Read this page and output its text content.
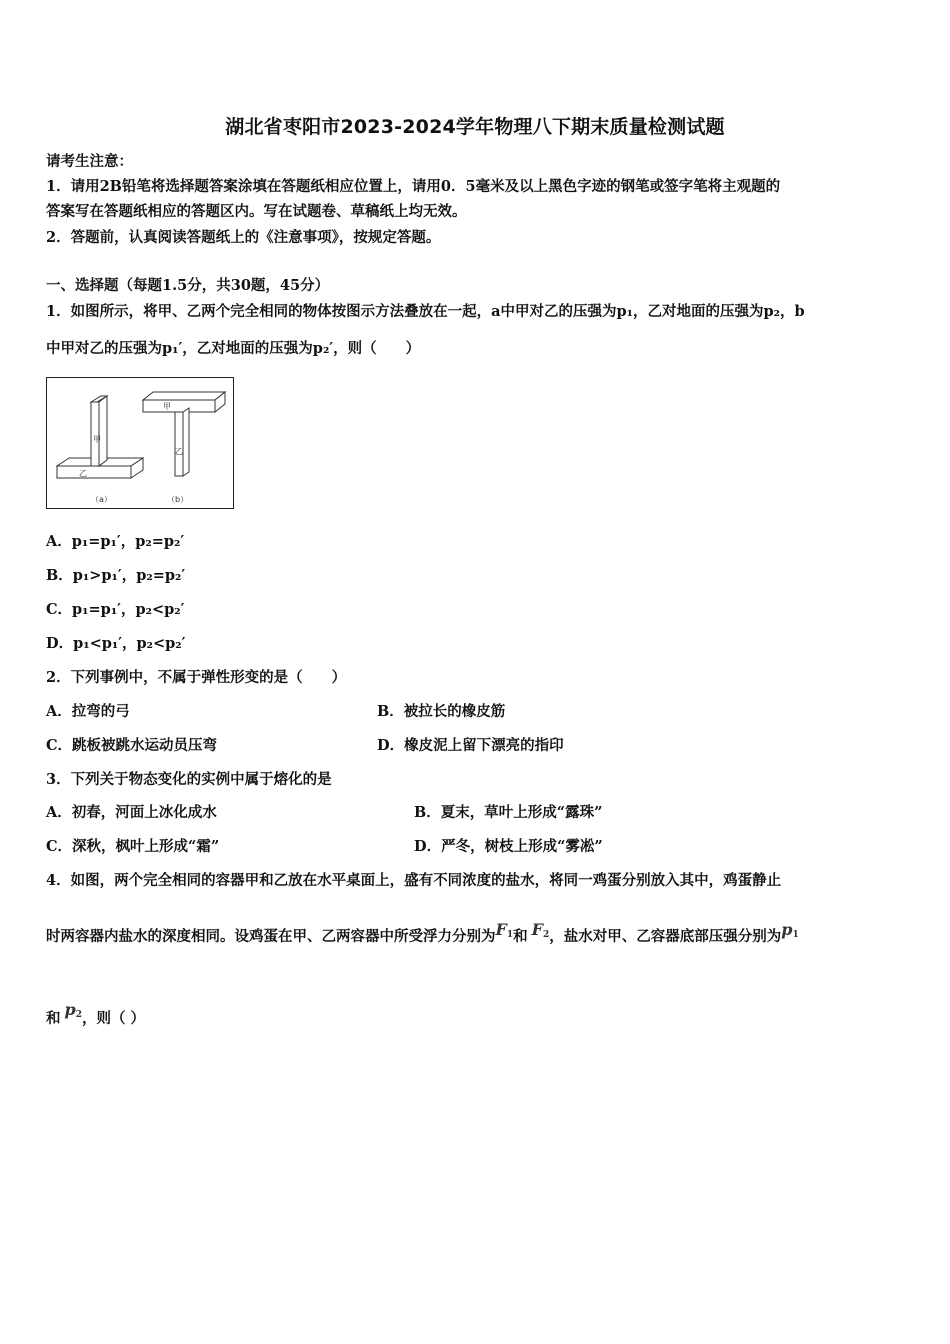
湖北省枣阳市2023-2024学年物理八下期末质量检测试题
请考生注意：
1．请用2B铅笔将选择题答案涂填在答题纸相应位置上，请用0．5毫米及以上黑色字迹的钢笔或签字笔将主观题的
答案写在答题纸相应的答题区内。写在试题卷、草稿纸上均无效。
2．答题前，认真阅读答题纸上的《注意事项》，按规定答题。
一、选择题（每题1.5分，共30题，45分）
1．如图所示，将甲、乙两个完全相同的物体按图示方法叠放在一起，a中甲对乙的压强为p₁，乙对地面的压强为p₂，b
中甲对乙的压强为p₁′，乙对地面的压强为p₂′，则（　　）
甲
乙
甲
乙
（a）	（b）
A．p₁=p₁′，p₂=p₂′
B．p₁>p₁′，p₂=p₂′
C．p₁=p₁′，p₂<p₂′
D．p₁<p₁′，p₂<p₂′
2．下列事例中，不属于弹性形变的是（　　）
A．拉弯的弓	B．被拉长的橡皮筋
C．跳板被跳水运动员压弯	D．橡皮泥上留下漂亮的指印
3．下列关于物态变化的实例中属于熔化的是
A．初春，河面上冰化成水	B．夏末，草叶上形成“露珠”
C．深秋，枫叶上形成“霜”	D．严冬，树枝上形成“雾凇”
4．如图，两个完全相同的容器甲和乙放在水平桌面上，盛有不同浓度的盐水，将同一鸡蛋分别放入其中，鸡蛋静止
时两容器内盐水的深度相同。设鸡蛋在甲、乙两容器中所受浮力分别为$F_1$和 $F_2$，盐水对甲、乙容器底部压强分别为$p_1$
和 $p_2$，则（ ）
